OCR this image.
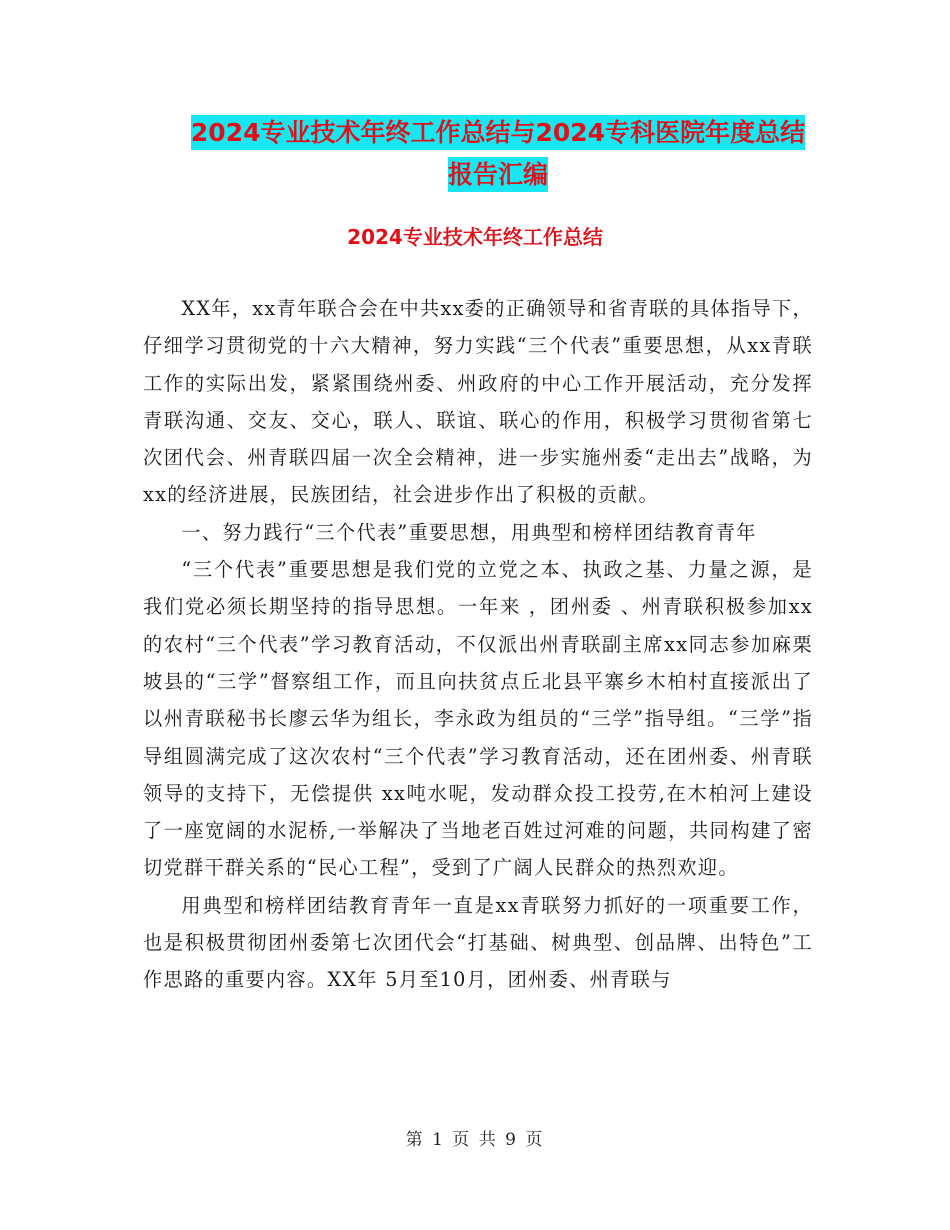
2024专业技术年终工作总结与2024专科医院年度总结
报告汇编
2024专业技术年终工作总结

XX年，xx青年联合会在中共xx委的正确领导和省青联的具体指导下，仔细学习贯彻党的十六大精神，努力实践“三个代表”重要思想，从xx青联工作的实际出发，紧紧围绕州委、州政府的中心工作开展活动，充分发挥青联沟通、交友、交心，联人、联谊、联心的作用，积极学习贯彻省第七次团代会、州青联四届一次全会精神，进一步实施州委“走出去”战略，为xx的经济进展，民族团结，社会进步作出了积极的贡献。

一、努力践行“三个代表”重要思想，用典型和榜样团结教育青年

“三个代表”重要思想是我们党的立党之本、执政之基、力量之源，是我们党必须长期坚持的指导思想。一年来 ，团州委 、州青联积极参加xx的农村“三个代表”学习教育活动，不仅派出州青联副主席xx同志参加麻栗坡县的“三学”督察组工作，而且向扶贫点丘北县平寨乡木柏村直接派出了以州青联秘书长廖云华为组长，李永政为组员的“三学”指导组。“三学”指导组圆满完成了这次农村“三个代表”学习教育活动，还在团州委、州青联领导的支持下，无偿提供 xx吨水呢，发动群众投工投劳,在木柏河上建设了一座宽阔的水泥桥,一举解决了当地老百姓过河难的问题，共同构建了密切党群干群关系的“民心工程”，受到了广阔人民群众的热烈欢迎。

用典型和榜样团结教育青年一直是xx青联努力抓好的一项重要工作，也是积极贯彻团州委第七次团代会“打基础、树典型、创品牌、出特色”工作思路的重要内容。XX年 5月至10月，团州委、州青联与

第 1 页 共 9 页
